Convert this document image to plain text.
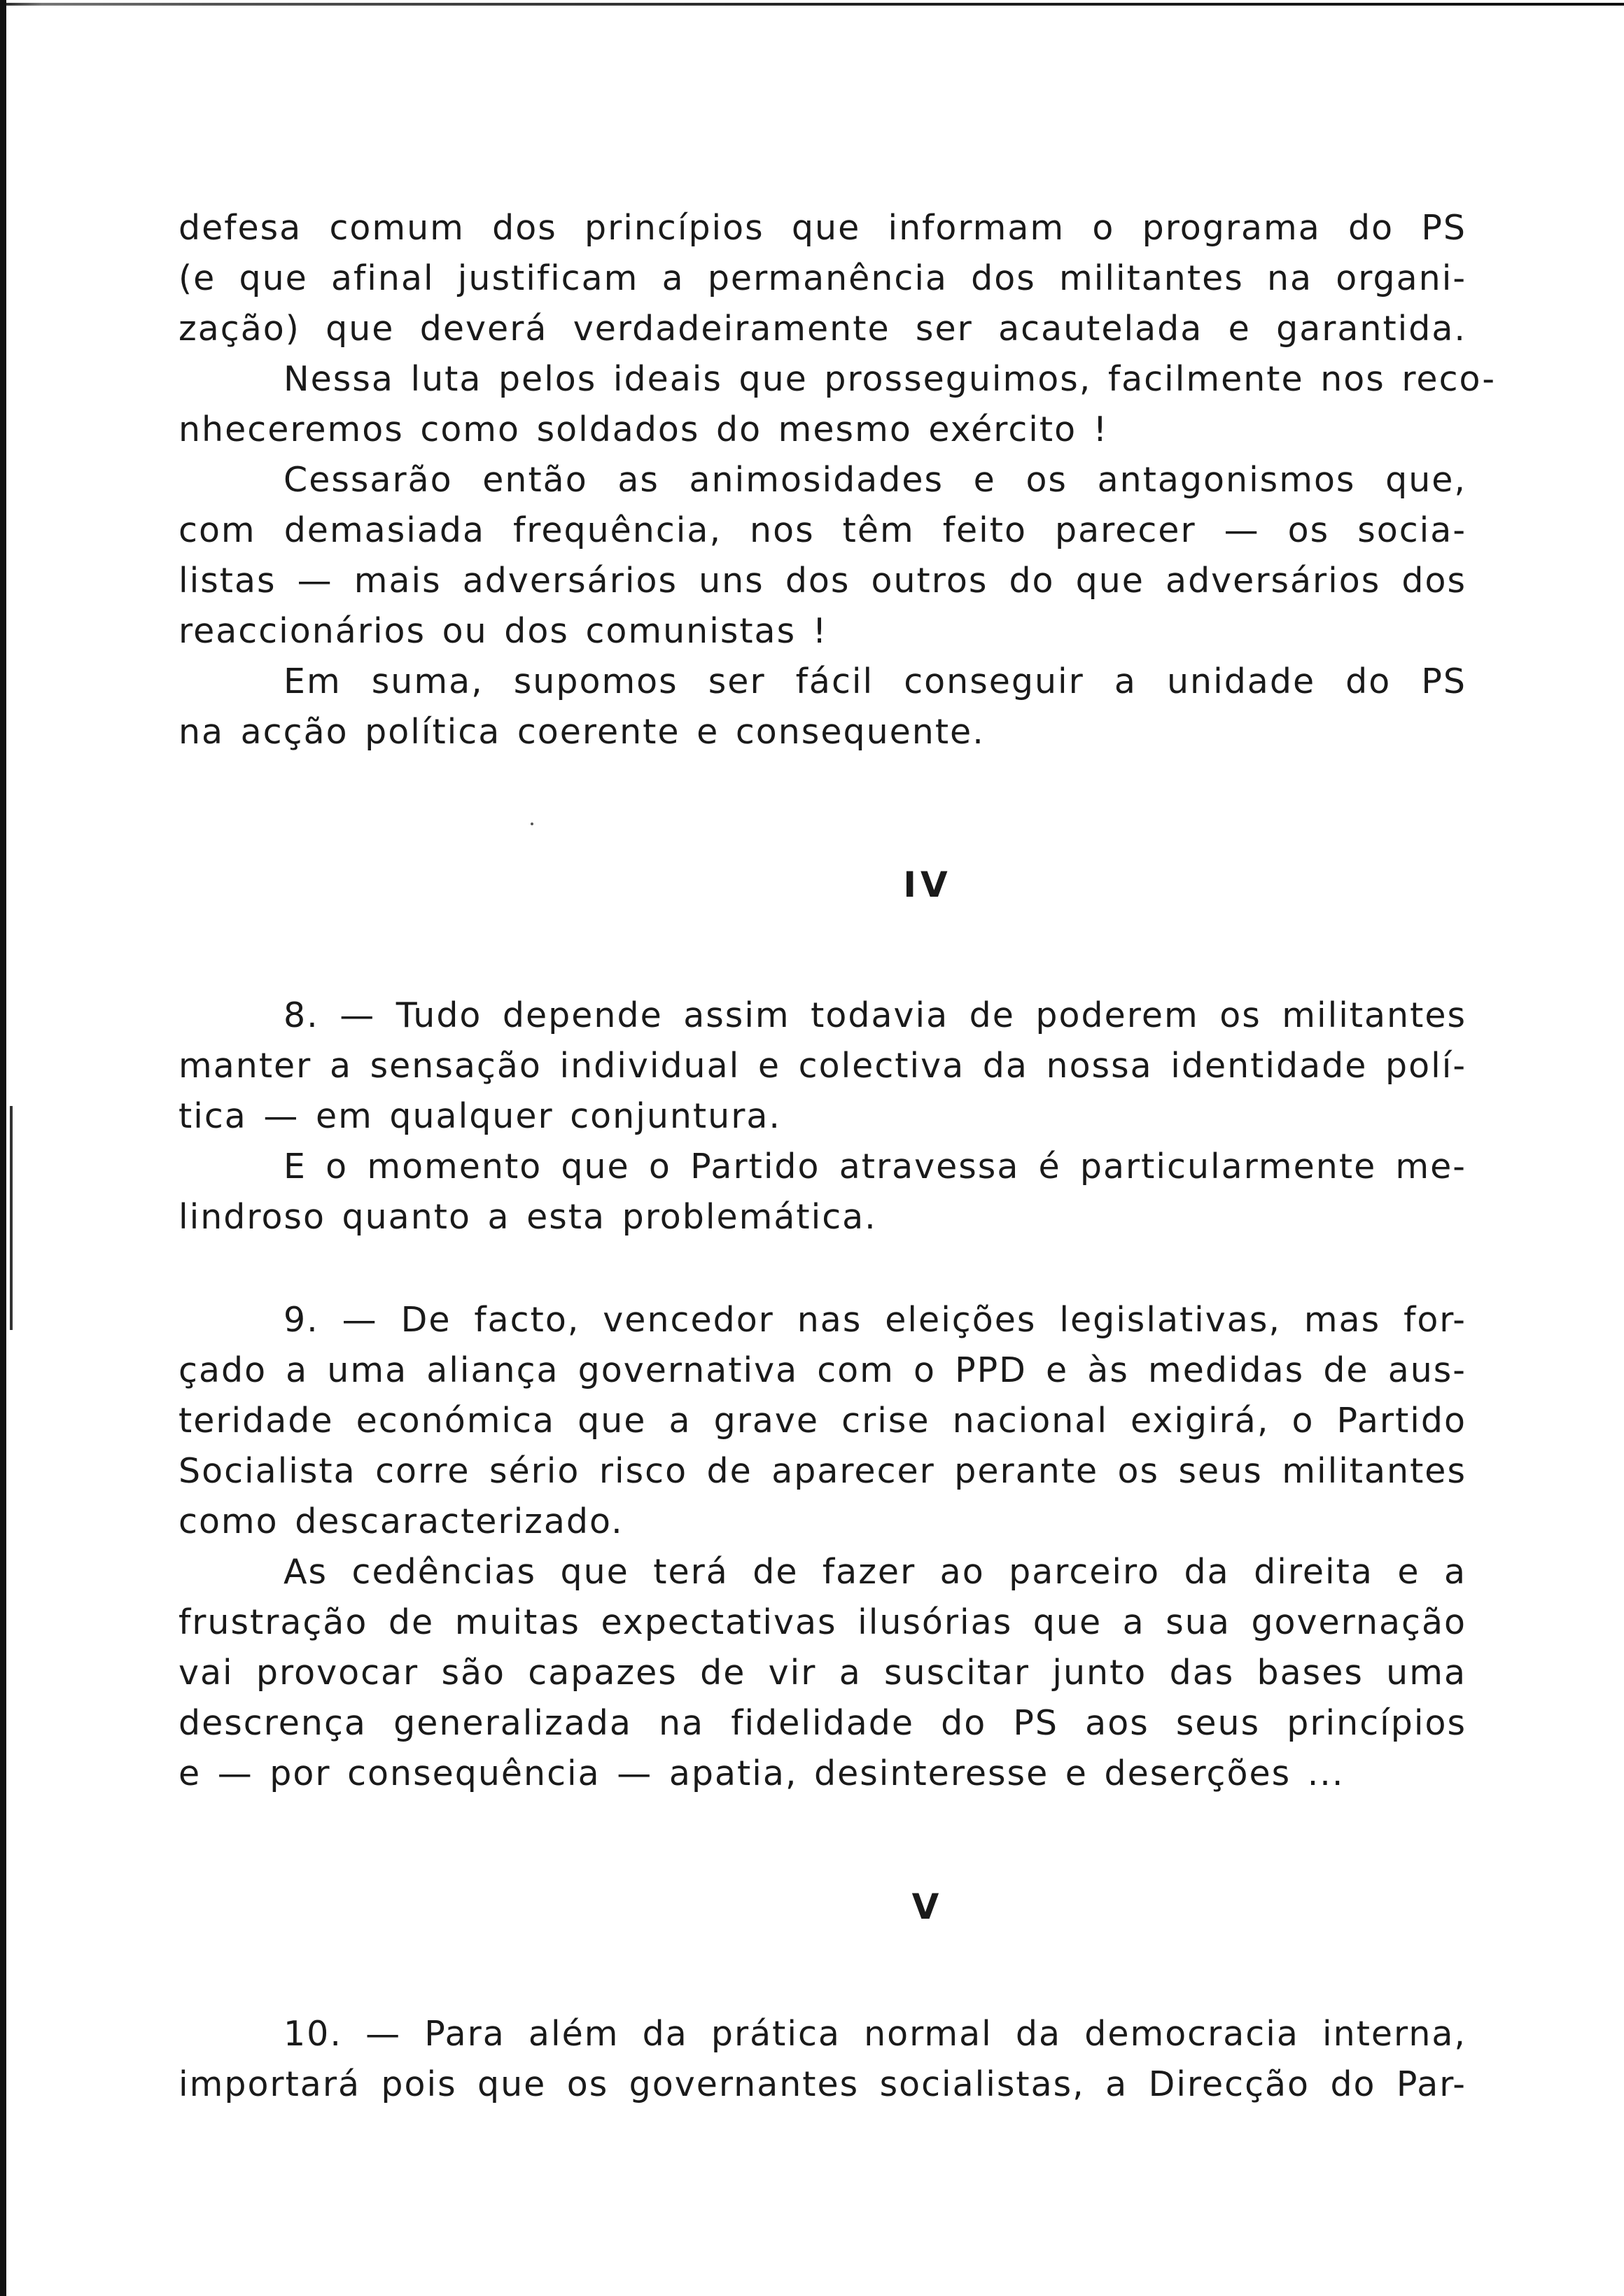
defesa comum dos princípios que informam o programa do PS
(e que afinal justificam a permanência dos militantes na organi-
zação) que deverá verdadeiramente ser acautelada e garantida.
Nessa luta pelos ideais que prosseguimos, facilmente nos reco-
nheceremos como soldados do mesmo exército !
Cessarão então as animosidades e os antagonismos que,
com demasiada frequência, nos têm feito parecer — os socia-
listas — mais adversários uns dos outros do que adversários dos
reaccionários ou dos comunistas !
Em suma, supomos ser fácil conseguir a unidade do PS
na acção política coerente e consequente.
IV
8. — Tudo depende assim todavia de poderem os militantes
manter a sensação individual e colectiva da nossa identidade polí-
tica — em qualquer conjuntura.
E o momento que o Partido atravessa é particularmente me-
lindroso quanto a esta problemática.
9. — De facto, vencedor nas eleições legislativas, mas for-
çado a uma aliança governativa com o PPD e às medidas de aus-
teridade económica que a grave crise nacional exigirá, o Partido
Socialista corre sério risco de aparecer perante os seus militantes
como descaracterizado.
As cedências que terá de fazer ao parceiro da direita e a
frustração de muitas expectativas ilusórias que a sua governação
vai provocar são capazes de vir a suscitar junto das bases uma
descrença generalizada na fidelidade do PS aos seus princípios
e — por consequência — apatia, desinteresse e deserções ...
V
10. — Para além da prática normal da democracia interna,
importará pois que os governantes socialistas, a Direcção do Par-
